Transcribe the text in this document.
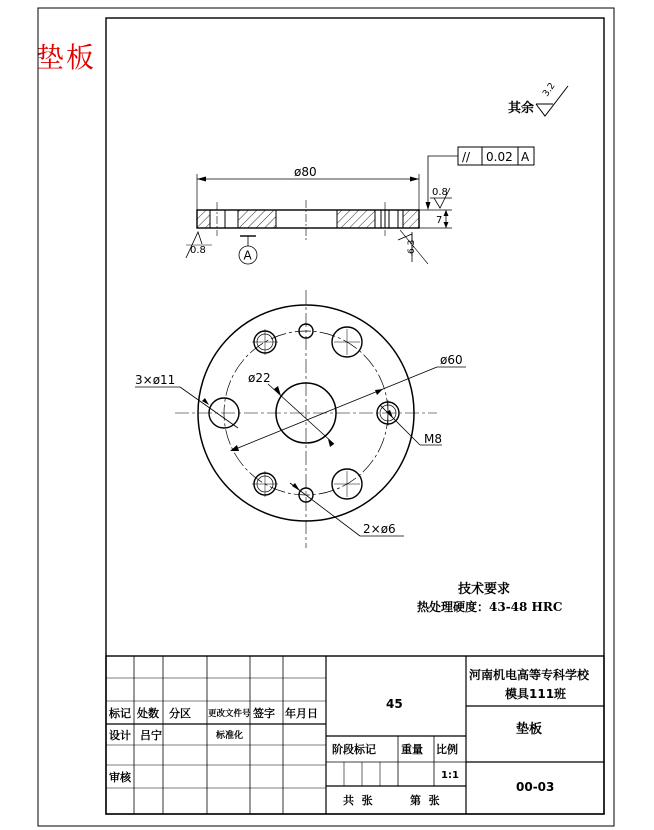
垫板
其余
3.2
ø80
7
// 0.02 A
0.8
0.8	6.3
A
ø60
ø22
3×ø11
M8
2×ø6
技术要求
热处理硬度：43-48 HRC
标记 处数 分区 更改文件号 签字 年月日
设计 吕宁	标准化
审核
45
阶段标记 重量 比例
1:1
共  张	第  张
河南机电高等专科学校
模具111班
垫板
00-03
